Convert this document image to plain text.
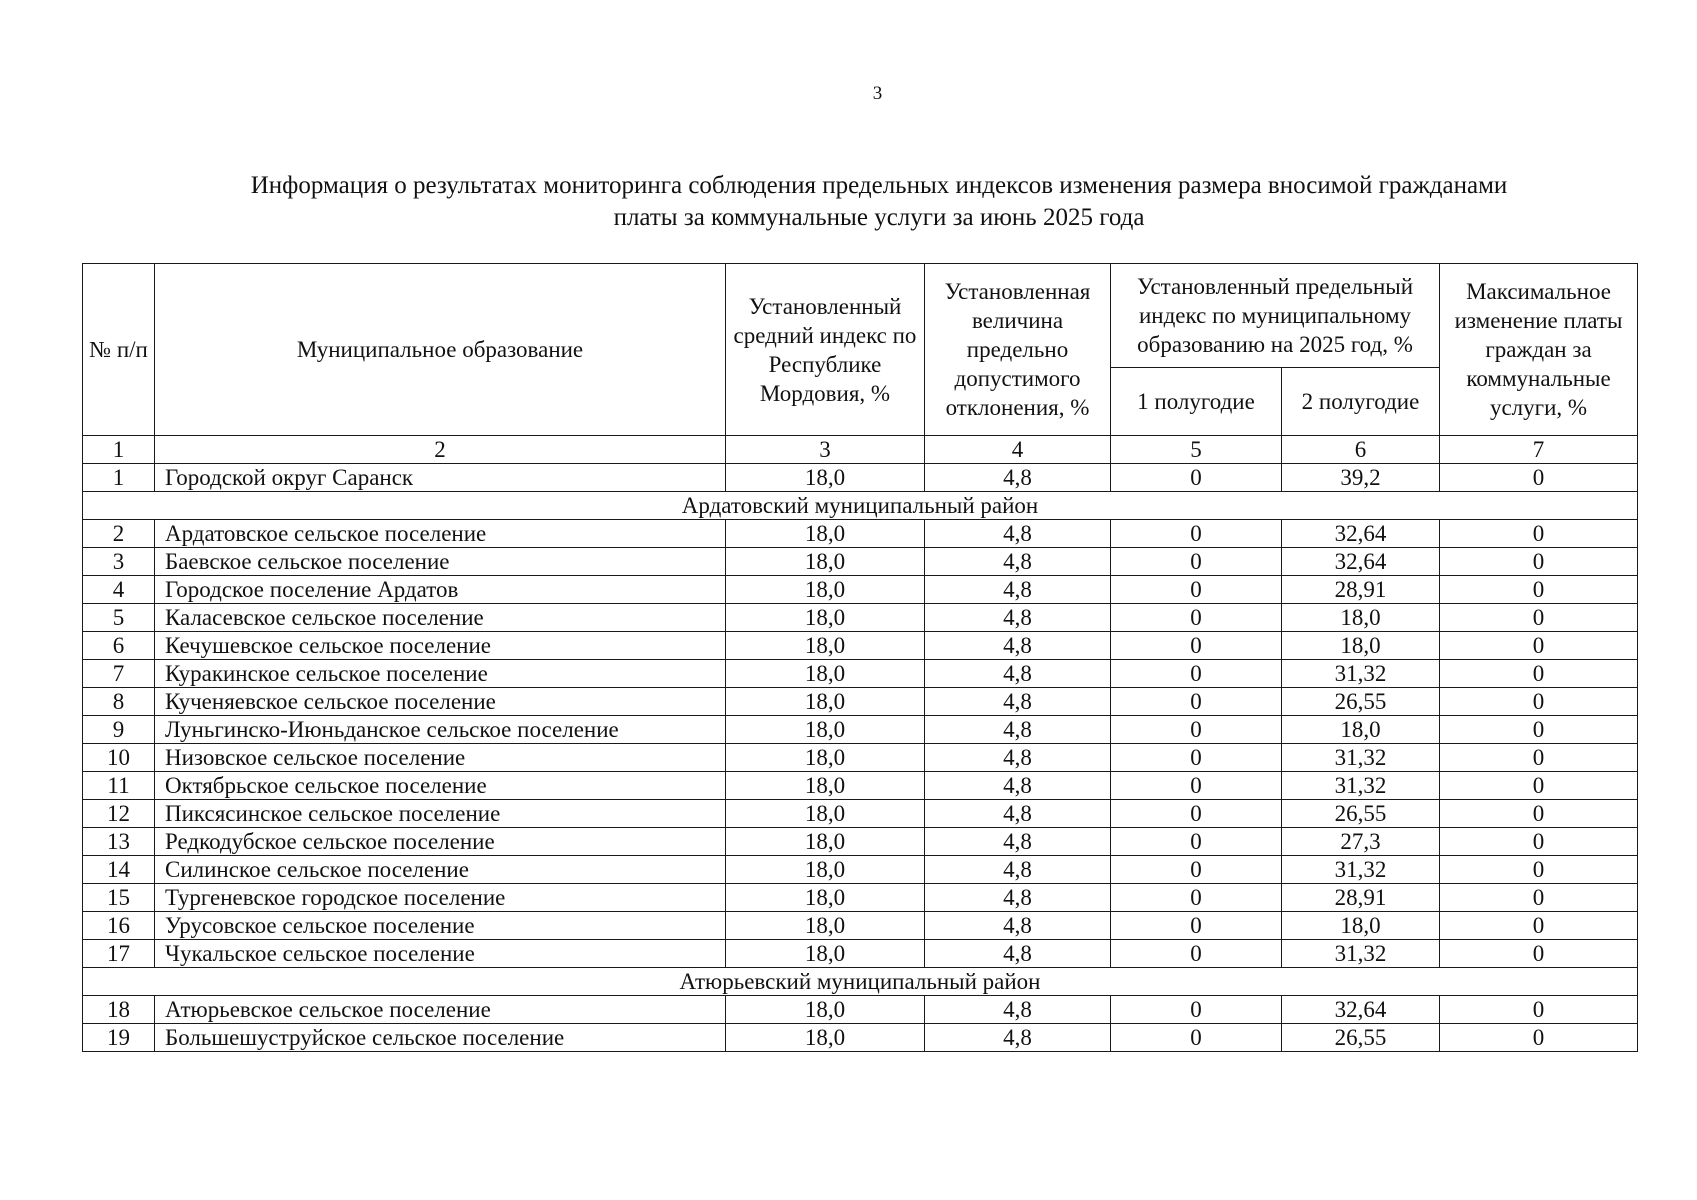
3
Информация о результатах мониторинга соблюдения предельных индексов изменения размера вносимой гражданами
платы за коммунальные услуги за июнь 2025 года
№ п/п	Муниципальное образование	Установленный средний индекс по Республике Мордовия, %	Установленная величина предельно допустимого отклонения, %	Установленный предельный индекс по муниципальному образованию на 2025 год, %		Максимальное изменение платы граждан за коммунальные услуги, %
				1 полугодие	2 полугодие	
1	2	3	4	5	6	7
1	Городской округ Саранск	18,0	4,8	0	39,2	0
Ардатовский муниципальный район						
2	Ардатовское сельское поселение	18,0	4,8	0	32,64	0
3	Баевское сельское поселение	18,0	4,8	0	32,64	0
4	Городское поселение Ардатов	18,0	4,8	0	28,91	0
5	Каласевское сельское поселение	18,0	4,8	0	18,0	0
6	Кечушевское сельское поселение	18,0	4,8	0	18,0	0
7	Куракинское сельское поселение	18,0	4,8	0	31,32	0
8	Кученяевское сельское поселение	18,0	4,8	0	26,55	0
9	Луньгинско-Июньданское сельское поселение	18,0	4,8	0	18,0	0
10	Низовское сельское поселение	18,0	4,8	0	31,32	0
11	Октябрьское сельское поселение	18,0	4,8	0	31,32	0
12	Пиксясинское сельское поселение	18,0	4,8	0	26,55	0
13	Редкодубское сельское поселение	18,0	4,8	0	27,3	0
14	Силинское сельское поселение	18,0	4,8	0	31,32	0
15	Тургеневское городское поселение	18,0	4,8	0	28,91	0
16	Урусовское сельское поселение	18,0	4,8	0	18,0	0
17	Чукальское сельское поселение	18,0	4,8	0	31,32	0
Атюрьевский муниципальный район						
18	Атюрьевское сельское поселение	18,0	4,8	0	32,64	0
19	Большешуструйское сельское поселение	18,0	4,8	0	26,55	0
